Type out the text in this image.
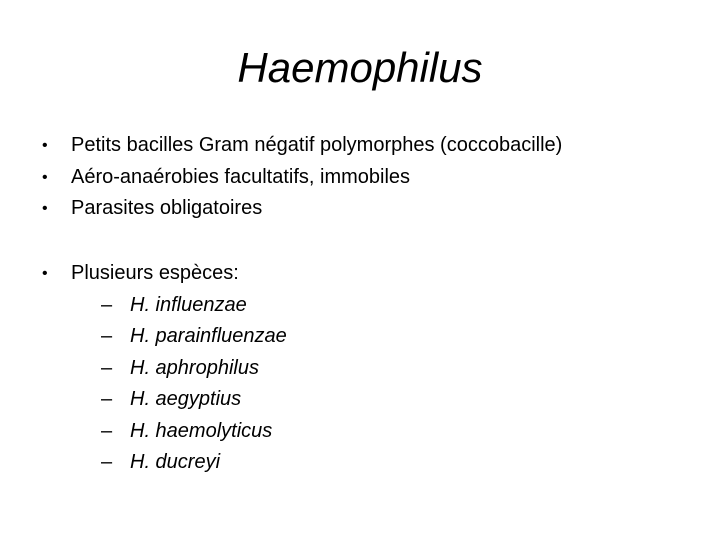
Haemophilus
• Petits bacilles Gram négatif polymorphes (coccobacille)
• Aéro-anaérobies facultatifs, immobiles
• Parasites obligatoires
• Plusieurs espèces:
– H. influenzae
– H. parainfluenzae
– H. aphrophilus
– H. aegyptius
– H. haemolyticus
– H. ducreyi
